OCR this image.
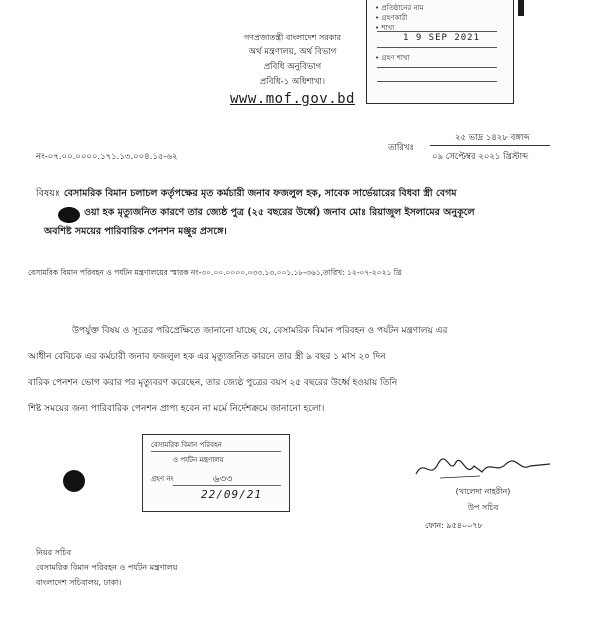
• প্রতিষ্ঠানের নাম
• গ্রহণকারী
• শাখা
1 9 SEP 2021
• গ্রহণ শাখা
গণপ্রজাতন্ত্রী বাংলাদেশ সরকার
অর্থ মন্ত্রণালয়, অর্থ বিভাগ
প্রবিধি অনুবিভাগ
প্রবিধি-১ অধিশাখা।
www.mof.gov.bd
২৫ ভাদ্র ১৪২৮ বঙ্গাব্দ
তারিখঃ
০৯ সেপ্টেম্বর ২০২১ খ্রিস্টাব্দ
নং-০৭.০০.০০০০.১৭১.১৩.০০৪.১৫-৬২
বিষয়ঃ বেসামরিক বিমান চলাচল কর্তৃপক্ষের মৃত কর্মচারী জনাব ফজলুল হক, সাবেক সার্ভেয়ারের বিধবা স্ত্রী বেগম
ওয়া হক মৃত্যুজনিত কারণে তার জ্যেষ্ঠ পুত্র (২৫ বছরের উর্ধ্বে) জনাব মোঃ রিয়াজুল ইসলামের অনুকূলে
অবশিষ্ট সময়ের পারিবারিক পেনশন মঞ্জুর প্রসঙ্গে।
বেসামরিক বিমান পরিবহন ও পর্যটন মন্ত্রণালয়ের স্মারক নং-৩০.০০.০০০০.০৩৩.১৩.০০১.১৮-৩৬১,তারিখ: ১২-০৭-২০২১ খ্রি
উপর্যুক্ত বিষয় ও সূত্রের পরিপ্রেক্ষিতে জানানো যাচ্ছে যে, বেসামরিক বিমান পরিবহন ও পর্যটন মন্ত্রণালয় এর
আধীন বেবিচক এর কর্মচারী জনাব ফজলুল হক এর মৃত্যুজনিত কারনে তার স্ত্রী ৯ বছর ১ মাস ২০ দিন
বারিক পেনশন ভোগ করার পর মৃত্যুবরণ করেছেন, তার জ্যেষ্ঠ পুত্রের বয়স ২৫ বছরের উর্ধ্বে হওয়ায় তিনি
শিষ্ট সময়ের জন্য পারিবারিক পেনশন প্রাপ্য হবেন না মর্মে নির্দেশক্রমে জানানো হলো।
বেসামরিক বিমান পরিবহন
ও পর্যটন মন্ত্রণালয়
গ্রহণ নং	৬৩৩
22/09/21	(খালেদা নাহরীন)
উপ সচিব
ফোন: ৯৫৪০০৭৮
নিয়র সচিব
বেসামরিক বিমান পরিবহন ও পর্যটন মন্ত্রণালয়
বাংলাদেশ সচিবালয়, ঢাকা।
